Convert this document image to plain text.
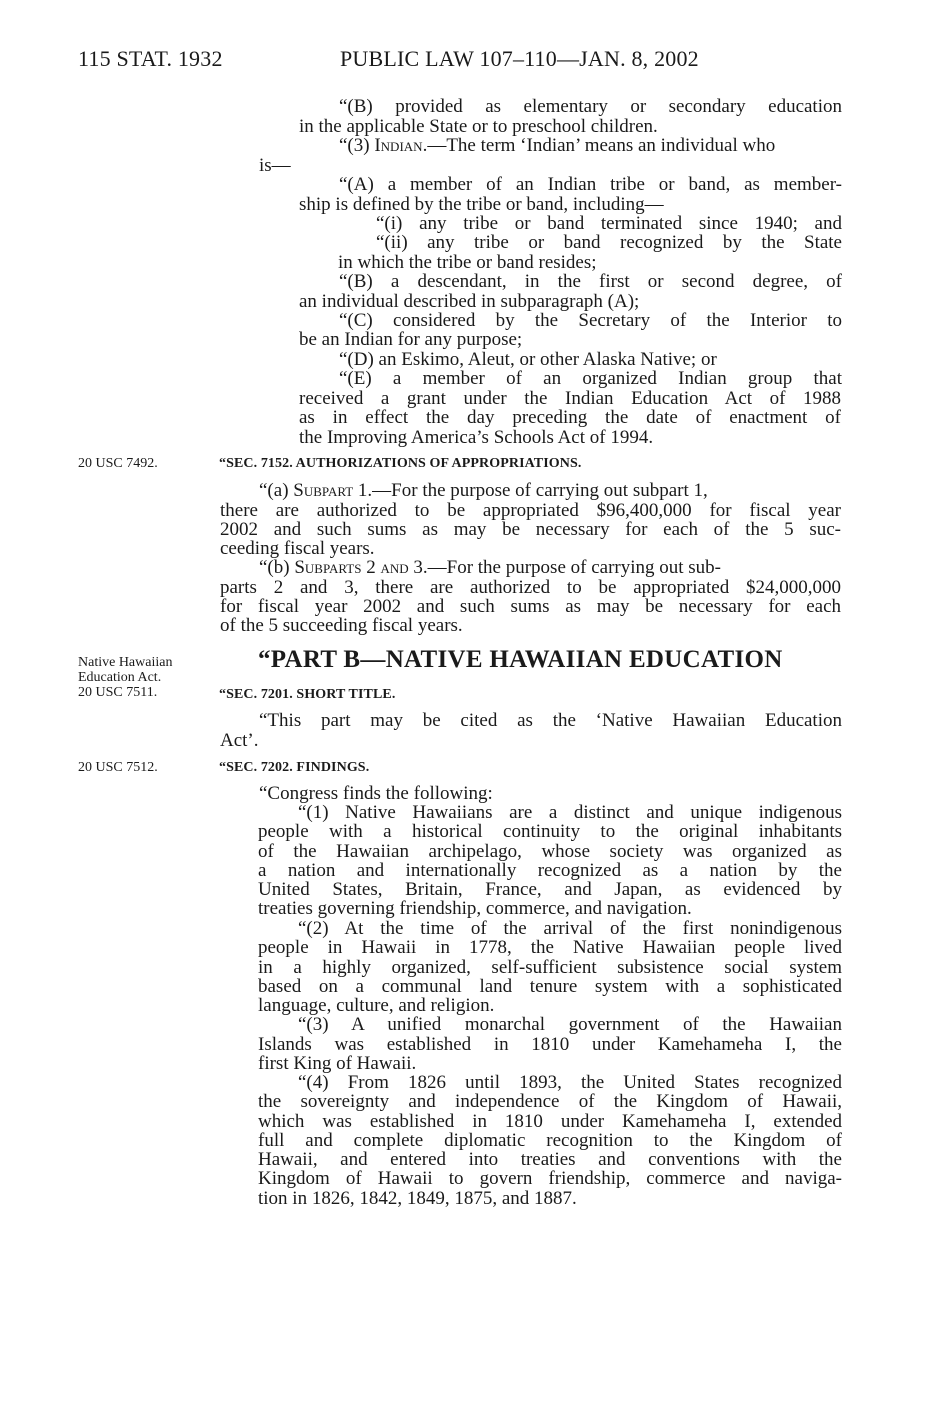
115 STAT. 1932	PUBLIC LAW 107–110—JAN. 8, 2002
“(B) provided as elementary or secondary education
in the applicable State or to preschool children.
“(3) Indian.—The term ‘Indian’ means an individual who
is—
“(A) a member of an Indian tribe or band, as member-
ship is defined by the tribe or band, including—
“(i) any tribe or band terminated since 1940; and
“(ii) any tribe or band recognized by the State
in which the tribe or band resides;
“(B) a descendant, in the first or second degree, of
an individual described in subparagraph (A);
“(C) considered by the Secretary of the Interior to
be an Indian for any purpose;
“(D) an Eskimo, Aleut, or other Alaska Native; or
“(E) a member of an organized Indian group that
received a grant under the Indian Education Act of 1988
as in effect the day preceding the date of enactment of
the Improving America’s Schools Act of 1994.
20 USC 7492.	“SEC. 7152. AUTHORIZATIONS OF APPROPRIATIONS.
“(a) Subpart 1.—For the purpose of carrying out subpart 1,
there are authorized to be appropriated $96,400,000 for fiscal year
2002 and such sums as may be necessary for each of the 5 suc-
ceeding fiscal years.
“(b) Subparts 2 and 3.—For the purpose of carrying out sub-
parts 2 and 3, there are authorized to be appropriated $24,000,000
for fiscal year 2002 and such sums as may be necessary for each
of the 5 succeeding fiscal years.
Native Hawaiian
Education Act.
“PART B—NATIVE HAWAIIAN EDUCATION
20 USC 7511.	“SEC. 7201. SHORT TITLE.
“This part may be cited as the ‘Native Hawaiian Education
Act’.
20 USC 7512.	“SEC. 7202. FINDINGS.
“Congress finds the following:
“(1) Native Hawaiians are a distinct and unique indigenous
people with a historical continuity to the original inhabitants
of the Hawaiian archipelago, whose society was organized as
a nation and internationally recognized as a nation by the
United States, Britain, France, and Japan, as evidenced by
treaties governing friendship, commerce, and navigation.
“(2) At the time of the arrival of the first nonindigenous
people in Hawaii in 1778, the Native Hawaiian people lived
in a highly organized, self-sufficient subsistence social system
based on a communal land tenure system with a sophisticated
language, culture, and religion.
“(3) A unified monarchal government of the Hawaiian
Islands was established in 1810 under Kamehameha I, the
first King of Hawaii.
“(4) From 1826 until 1893, the United States recognized
the sovereignty and independence of the Kingdom of Hawaii,
which was established in 1810 under Kamehameha I, extended
full and complete diplomatic recognition to the Kingdom of
Hawaii, and entered into treaties and conventions with the
Kingdom of Hawaii to govern friendship, commerce and naviga-
tion in 1826, 1842, 1849, 1875, and 1887.
